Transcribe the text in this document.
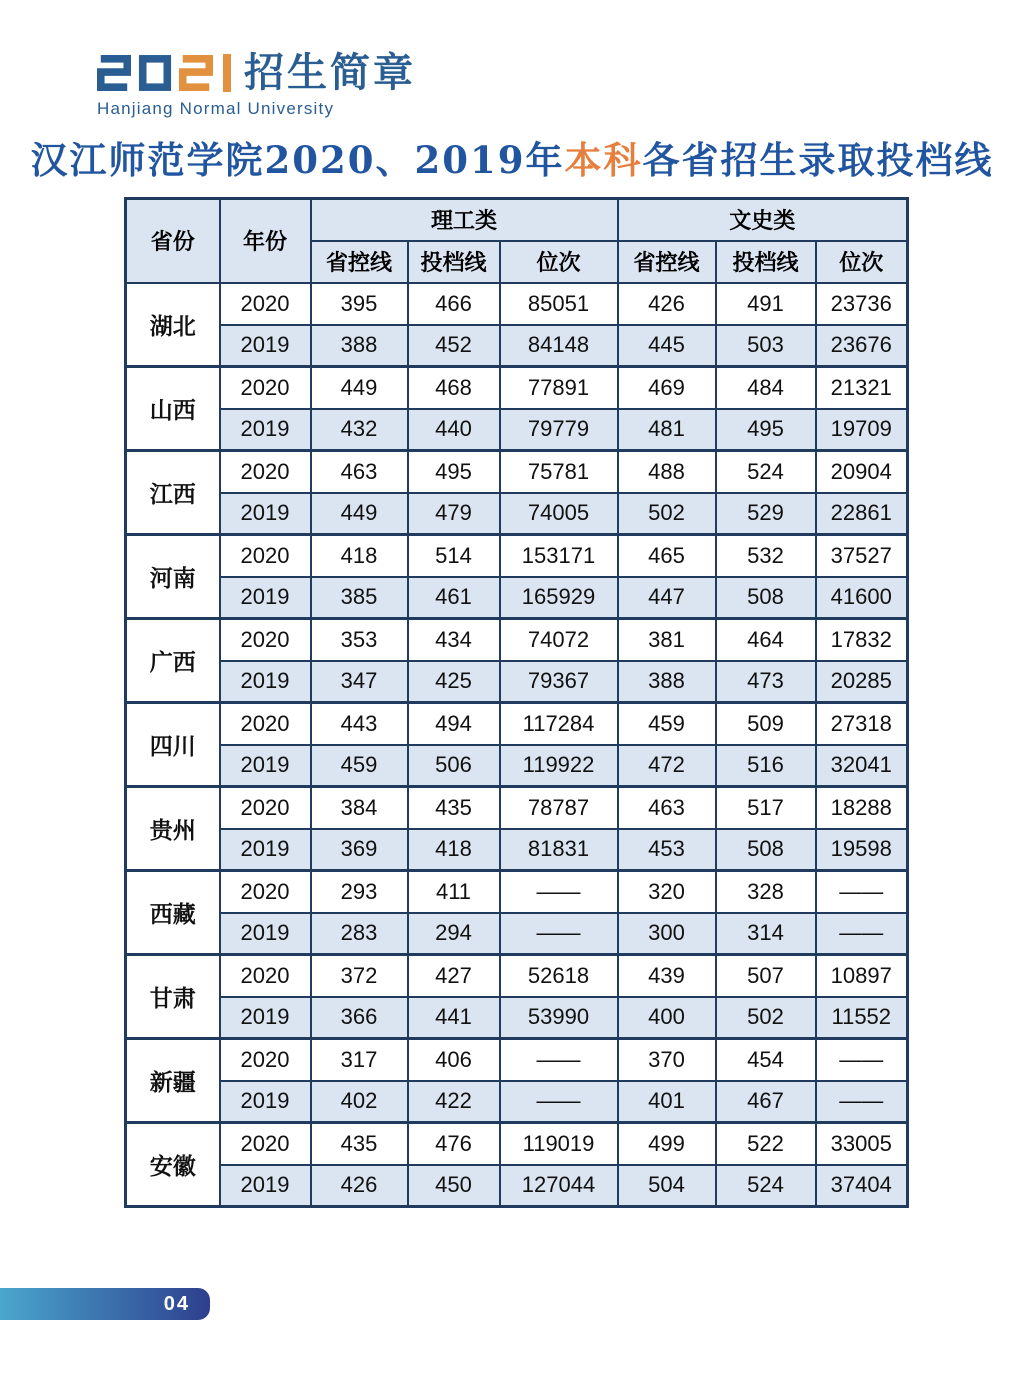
招生简章
Hanjiang Normal University
汉江师范学院2020、2019年本科各省招生录取投档线
省份	年份	理工类			文史类		
		省控线	投档线	位次	省控线	投档线	位次
湖北	2020	395	466	85051	426	491	23736
	2019	388	452	84148	445	503	23676
山西	2020	449	468	77891	469	484	21321
	2019	432	440	79779	481	495	19709
江西	2020	463	495	75781	488	524	20904
	2019	449	479	74005	502	529	22861
河南	2020	418	514	153171	465	532	37527
	2019	385	461	165929	447	508	41600
广西	2020	353	434	74072	381	464	17832
	2019	347	425	79367	388	473	20285
四川	2020	443	494	117284	459	509	27318
	2019	459	506	119922	472	516	32041
贵州	2020	384	435	78787	463	517	18288
	2019	369	418	81831	453	508	19598
西藏	2020	293	411	——	320	328	——
	2019	283	294	——	300	314	——
甘肃	2020	372	427	52618	439	507	10897
	2019	366	441	53990	400	502	11552
新疆	2020	317	406	——	370	454	——
	2019	402	422	——	401	467	——
安徽	2020	435	476	119019	499	522	33005
	2019	426	450	127044	504	524	37404
04
